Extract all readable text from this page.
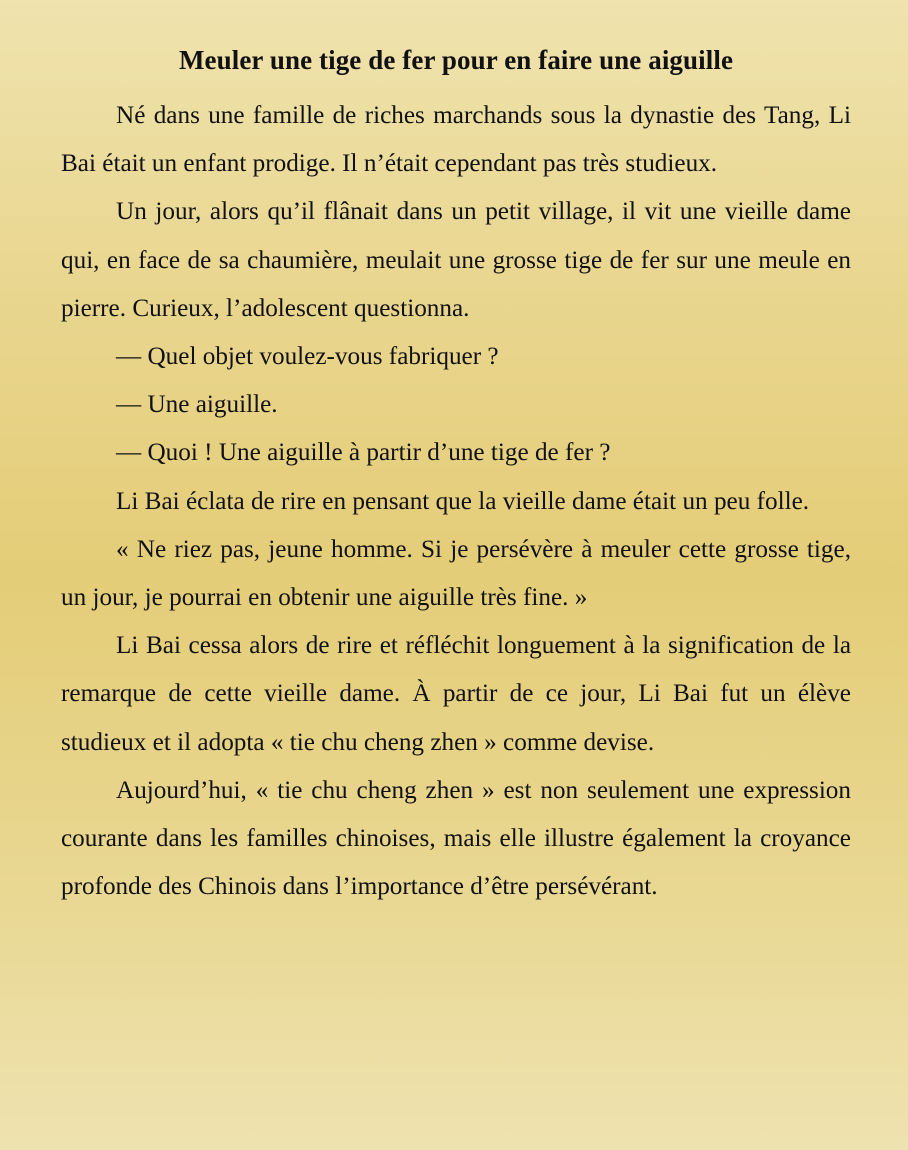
Meuler une tige de fer pour en faire une aiguille

Né dans une famille de riches marchands sous la dynastie des Tang, Li Bai était un enfant prodige. Il n’était cependant pas très studieux.

Un jour, alors qu’il flânait dans un petit village, il vit une vieille dame qui, en face de sa chaumière, meulait une grosse tige de fer sur une meule en pierre. Curieux, l’adolescent questionna.

— Quel objet voulez-vous fabriquer ?

— Une aiguille.

— Quoi ! Une aiguille à partir d’une tige de fer ?

Li Bai éclata de rire en pensant que la vieille dame était un peu folle.

« Ne riez pas, jeune homme. Si je persévère à meuler cette grosse tige, un jour, je pourrai en obtenir une aiguille très fine. »

Li Bai cessa alors de rire et réfléchit longuement à la signification de la remarque de cette vieille dame. À partir de ce jour, Li Bai fut un élève studieux et il adopta « tie chu cheng zhen » comme devise.

Aujourd’hui, « tie chu cheng zhen » est non seulement une expression courante dans les familles chinoises, mais elle illustre également la croyance profonde des Chinois dans l’importance d’être persévérant.
